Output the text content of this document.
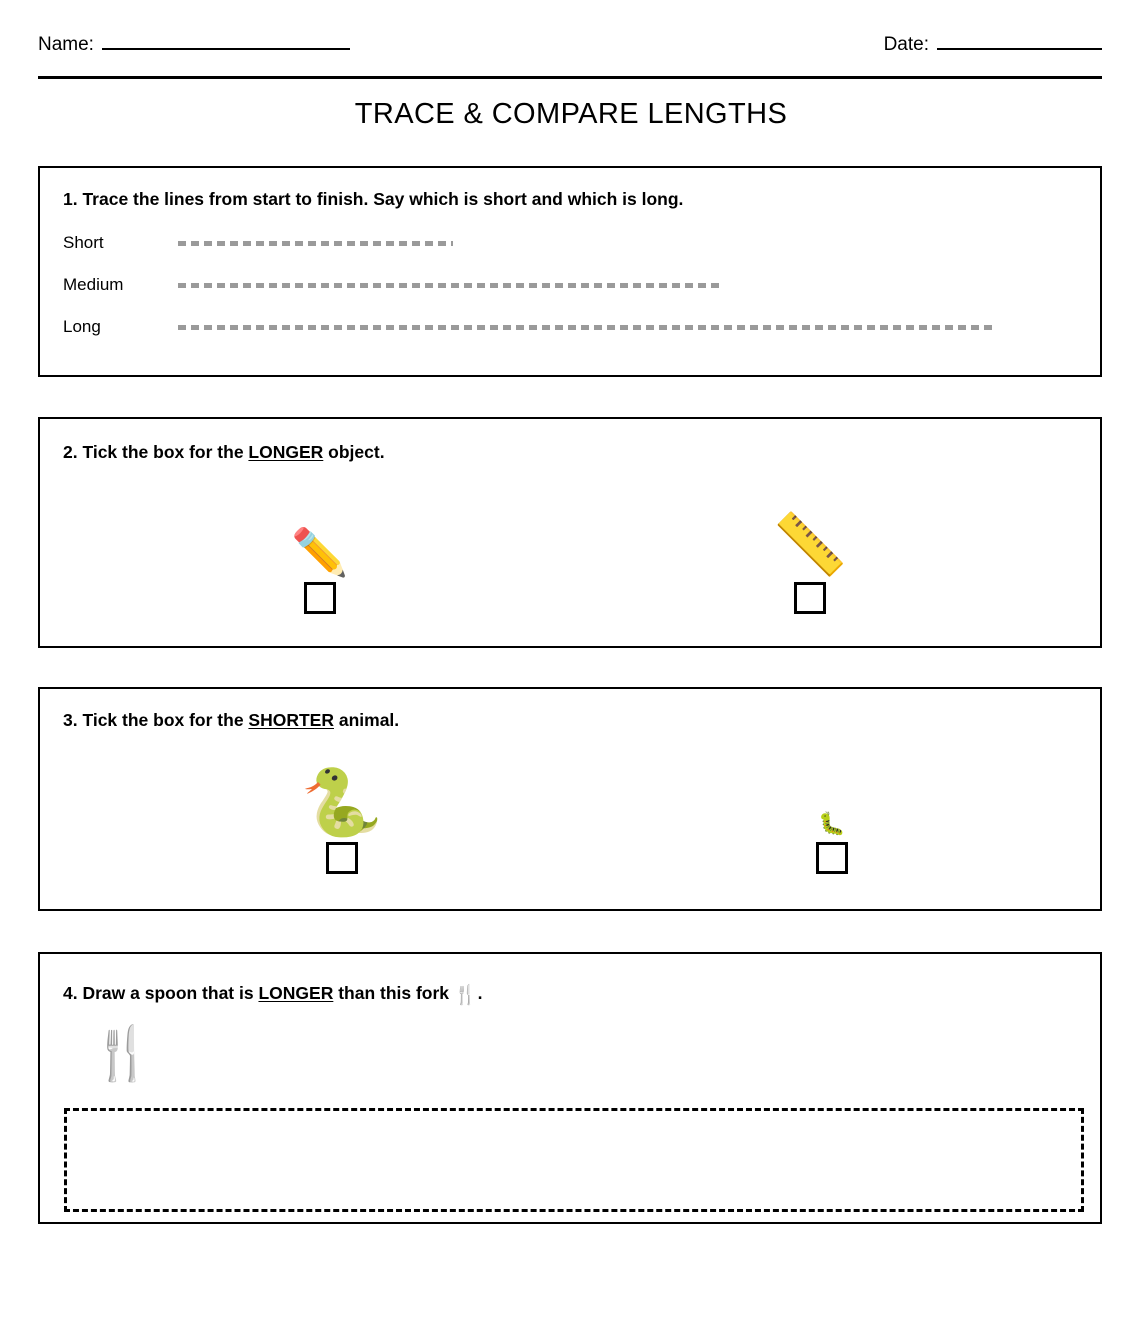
Name:	Date:
TRACE & COMPARE LENGTHS
1. Trace the lines from start to finish. Say which is short and which is long.
Short
Medium
Long
2. Tick the box for the LONGER object.
✏️	📏
3. Tick the box for the SHORTER animal.
🐍	🐛
4. Draw a spoon that is LONGER than this fork 🍴.
🍴
